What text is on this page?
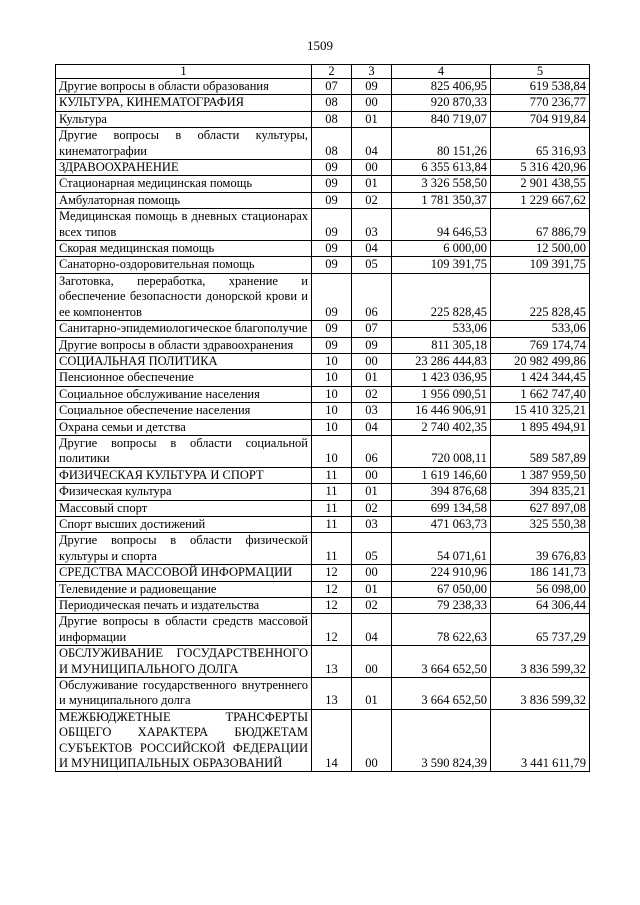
1509
1	2	3	4	5
Другие вопросы в области образования	07	09	825 406,95	619 538,84
КУЛЬТУРА, КИНЕМАТОГРАФИЯ	08	00	920 870,33	770 236,77
Культура	08	01	840 719,07	704 919,84
Другие вопросы в области культуры, кинематографии	08	04	80 151,26	65 316,93
ЗДРАВООХРАНЕНИЕ	09	00	6 355 613,84	5 316 420,96
Стационарная медицинская помощь	09	01	3 326 558,50	2 901 438,55
Амбулаторная помощь	09	02	1 781 350,37	1 229 667,62
Медицинская помощь в дневных стационарах всех типов	09	03	94 646,53	67 886,79
Скорая медицинская помощь	09	04	6 000,00	12 500,00
Санаторно-оздоровительная помощь	09	05	109 391,75	109 391,75
Заготовка, переработка, хранение и обеспечение безопасности донорской крови и ее компонентов	09	06	225 828,45	225 828,45
Санитарно-эпидемиологическое благополучие	09	07	533,06	533,06
Другие вопросы в области здравоохранения	09	09	811 305,18	769 174,74
СОЦИАЛЬНАЯ ПОЛИТИКА	10	00	23 286 444,83	20 982 499,86
Пенсионное обеспечение	10	01	1 423 036,95	1 424 344,45
Социальное обслуживание населения	10	02	1 956 090,51	1 662 747,40
Социальное обеспечение населения	10	03	16 446 906,91	15 410 325,21
Охрана семьи и детства	10	04	2 740 402,35	1 895 494,91
Другие вопросы в области социальной политики	10	06	720 008,11	589 587,89
ФИЗИЧЕСКАЯ КУЛЬТУРА И СПОРТ	11	00	1 619 146,60	1 387 959,50
Физическая культура	11	01	394 876,68	394 835,21
Массовый спорт	11	02	699 134,58	627 897,08
Спорт высших достижений	11	03	471 063,73	325 550,38
Другие вопросы в области физической культуры и спорта	11	05	54 071,61	39 676,83
СРЕДСТВА МАССОВОЙ ИНФОРМАЦИИ	12	00	224 910,96	186 141,73
Телевидение и радиовещание	12	01	67 050,00	56 098,00
Периодическая печать и издательства	12	02	79 238,33	64 306,44
Другие вопросы в области средств массовой информации	12	04	78 622,63	65 737,29
ОБСЛУЖИВАНИЕ ГОСУДАРСТВЕННОГО И МУНИЦИПАЛЬНОГО ДОЛГА	13	00	3 664 652,50	3 836 599,32
Обслуживание государственного внутреннего и муниципального долга	13	01	3 664 652,50	3 836 599,32
МЕЖБЮДЖЕТНЫЕ ТРАНСФЕРТЫ ОБЩЕГО ХАРАКТЕРА БЮДЖЕТАМ СУБЪЕКТОВ РОССИЙСКОЙ ФЕДЕРАЦИИ И МУНИЦИПАЛЬНЫХ ОБРАЗОВАНИЙ	14	00	3 590 824,39	3 441 611,79
